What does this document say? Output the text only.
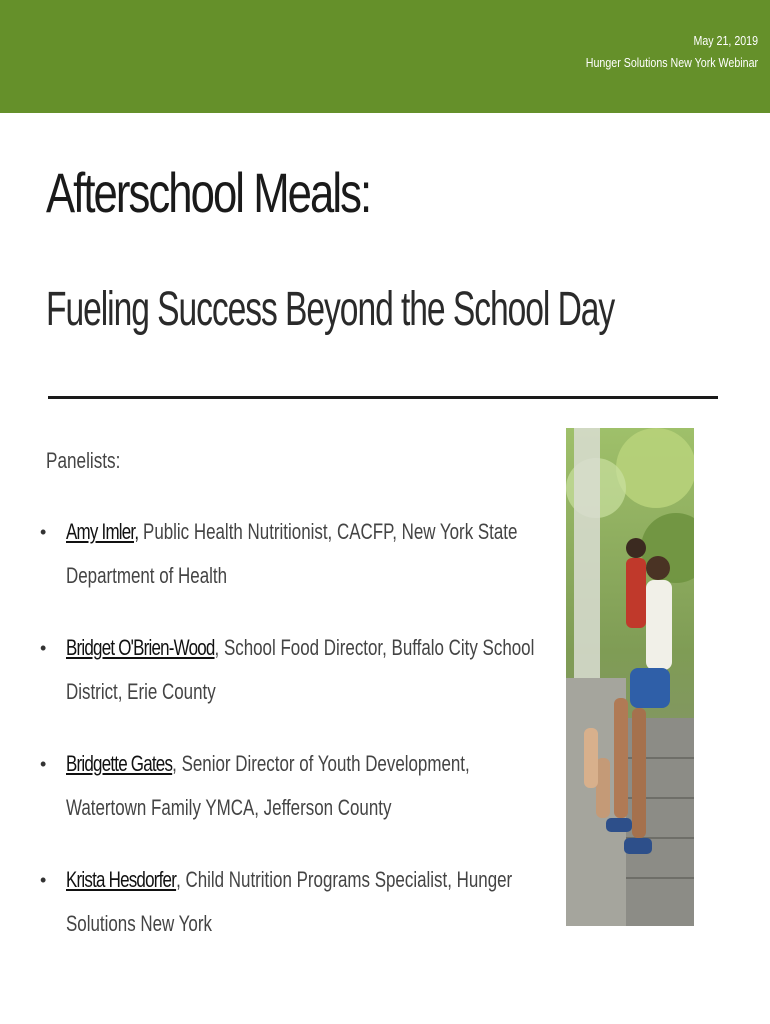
May 21, 2019
Hunger Solutions New York Webinar
Afterschool Meals:
Fueling Success Beyond the School Day
Panelists:
• Amy Imler, Public Health Nutritionist, CACFP, New York State Department of Health
• Bridget O'Brien-Wood, School Food Director, Buffalo City School District, Erie County
• Bridgette Gates, Senior Director of Youth Development, Watertown Family YMCA, Jefferson County
• Krista Hesdorfer, Child Nutrition Programs Specialist, Hunger Solutions New York
